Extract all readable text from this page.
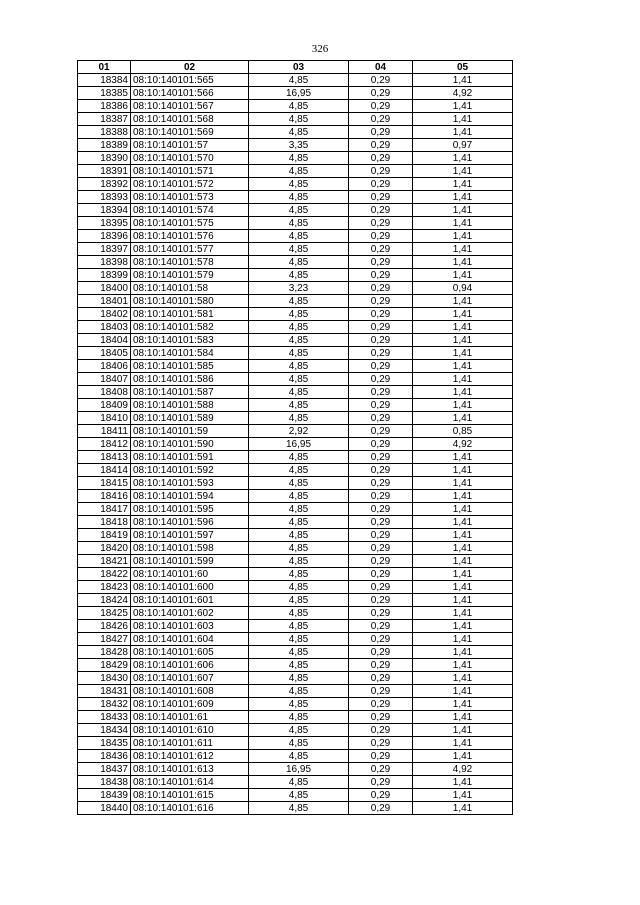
326
01	02	03	04	05
18384	08:10:140101:565	4,85	0,29	1,41
18385	08:10:140101:566	16,95	0,29	4,92
18386	08:10:140101:567	4,85	0,29	1,41
18387	08:10:140101:568	4,85	0,29	1,41
18388	08:10:140101:569	4,85	0,29	1,41
18389	08:10:140101:57	3,35	0,29	0,97
18390	08:10:140101:570	4,85	0,29	1,41
18391	08:10:140101:571	4,85	0,29	1,41
18392	08:10:140101:572	4,85	0,29	1,41
18393	08:10:140101:573	4,85	0,29	1,41
18394	08:10:140101:574	4,85	0,29	1,41
18395	08:10:140101:575	4,85	0,29	1,41
18396	08:10:140101:576	4,85	0,29	1,41
18397	08:10:140101:577	4,85	0,29	1,41
18398	08:10:140101:578	4,85	0,29	1,41
18399	08:10:140101:579	4,85	0,29	1,41
18400	08:10:140101:58	3,23	0,29	0,94
18401	08:10:140101:580	4,85	0,29	1,41
18402	08:10:140101:581	4,85	0,29	1,41
18403	08:10:140101:582	4,85	0,29	1,41
18404	08:10:140101:583	4,85	0,29	1,41
18405	08:10:140101:584	4,85	0,29	1,41
18406	08:10:140101:585	4,85	0,29	1,41
18407	08:10:140101:586	4,85	0,29	1,41
18408	08:10:140101:587	4,85	0,29	1,41
18409	08:10:140101:588	4,85	0,29	1,41
18410	08:10:140101:589	4,85	0,29	1,41
18411	08:10:140101:59	2,92	0,29	0,85
18412	08:10:140101:590	16,95	0,29	4,92
18413	08:10:140101:591	4,85	0,29	1,41
18414	08:10:140101:592	4,85	0,29	1,41
18415	08:10:140101:593	4,85	0,29	1,41
18416	08:10:140101:594	4,85	0,29	1,41
18417	08:10:140101:595	4,85	0,29	1,41
18418	08:10:140101:596	4,85	0,29	1,41
18419	08:10:140101:597	4,85	0,29	1,41
18420	08:10:140101:598	4,85	0,29	1,41
18421	08:10:140101:599	4,85	0,29	1,41
18422	08:10:140101:60	4,85	0,29	1,41
18423	08:10:140101:600	4,85	0,29	1,41
18424	08:10:140101:601	4,85	0,29	1,41
18425	08:10:140101:602	4,85	0,29	1,41
18426	08:10:140101:603	4,85	0,29	1,41
18427	08:10:140101:604	4,85	0,29	1,41
18428	08:10:140101:605	4,85	0,29	1,41
18429	08:10:140101:606	4,85	0,29	1,41
18430	08:10:140101:607	4,85	0,29	1,41
18431	08:10:140101:608	4,85	0,29	1,41
18432	08:10:140101:609	4,85	0,29	1,41
18433	08:10:140101:61	4,85	0,29	1,41
18434	08:10:140101:610	4,85	0,29	1,41
18435	08:10:140101:611	4,85	0,29	1,41
18436	08:10:140101:612	4,85	0,29	1,41
18437	08:10:140101:613	16,95	0,29	4,92
18438	08:10:140101:614	4,85	0,29	1,41
18439	08:10:140101:615	4,85	0,29	1,41
18440	08:10:140101:616	4,85	0,29	1,41
